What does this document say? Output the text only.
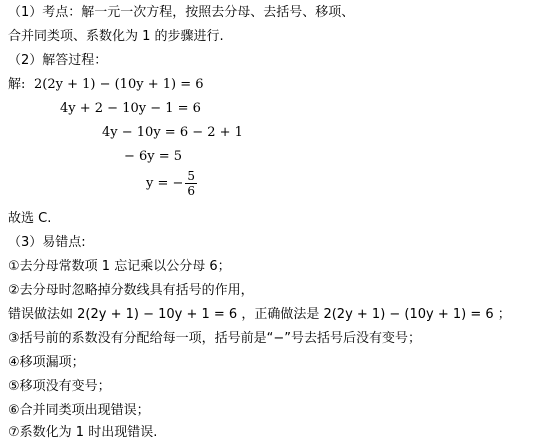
（1）考点：解一元一次方程，按照去分母、去括号、移项、
合并同类项、系数化为 1 的步骤进行.
（2）解答过程：
解: 2(2y + 1) − (10y + 1) = 6
4y + 2 − 10y − 1 = 6
4y − 10y = 6 − 2 + 1
− 6y = 5
y = − $\frac{5}{6}$
故选 C.
（3）易错点:
①去分母常数项 1 忘记乘以公分母 6；
②去分母时忽略掉分数线具有括号的作用，
错误做法如 2(2y + 1) − 10y + 1 = 6 ，正确做法是 2(2y + 1) − (10y + 1) = 6 ；
③括号前的系数没有分配给每一项，括号前是“−”号去括号后没有变号；
④移项漏项；
⑤移项没有变号；
⑥合并同类项出现错误；
⑦系数化为 1 时出现错误.
